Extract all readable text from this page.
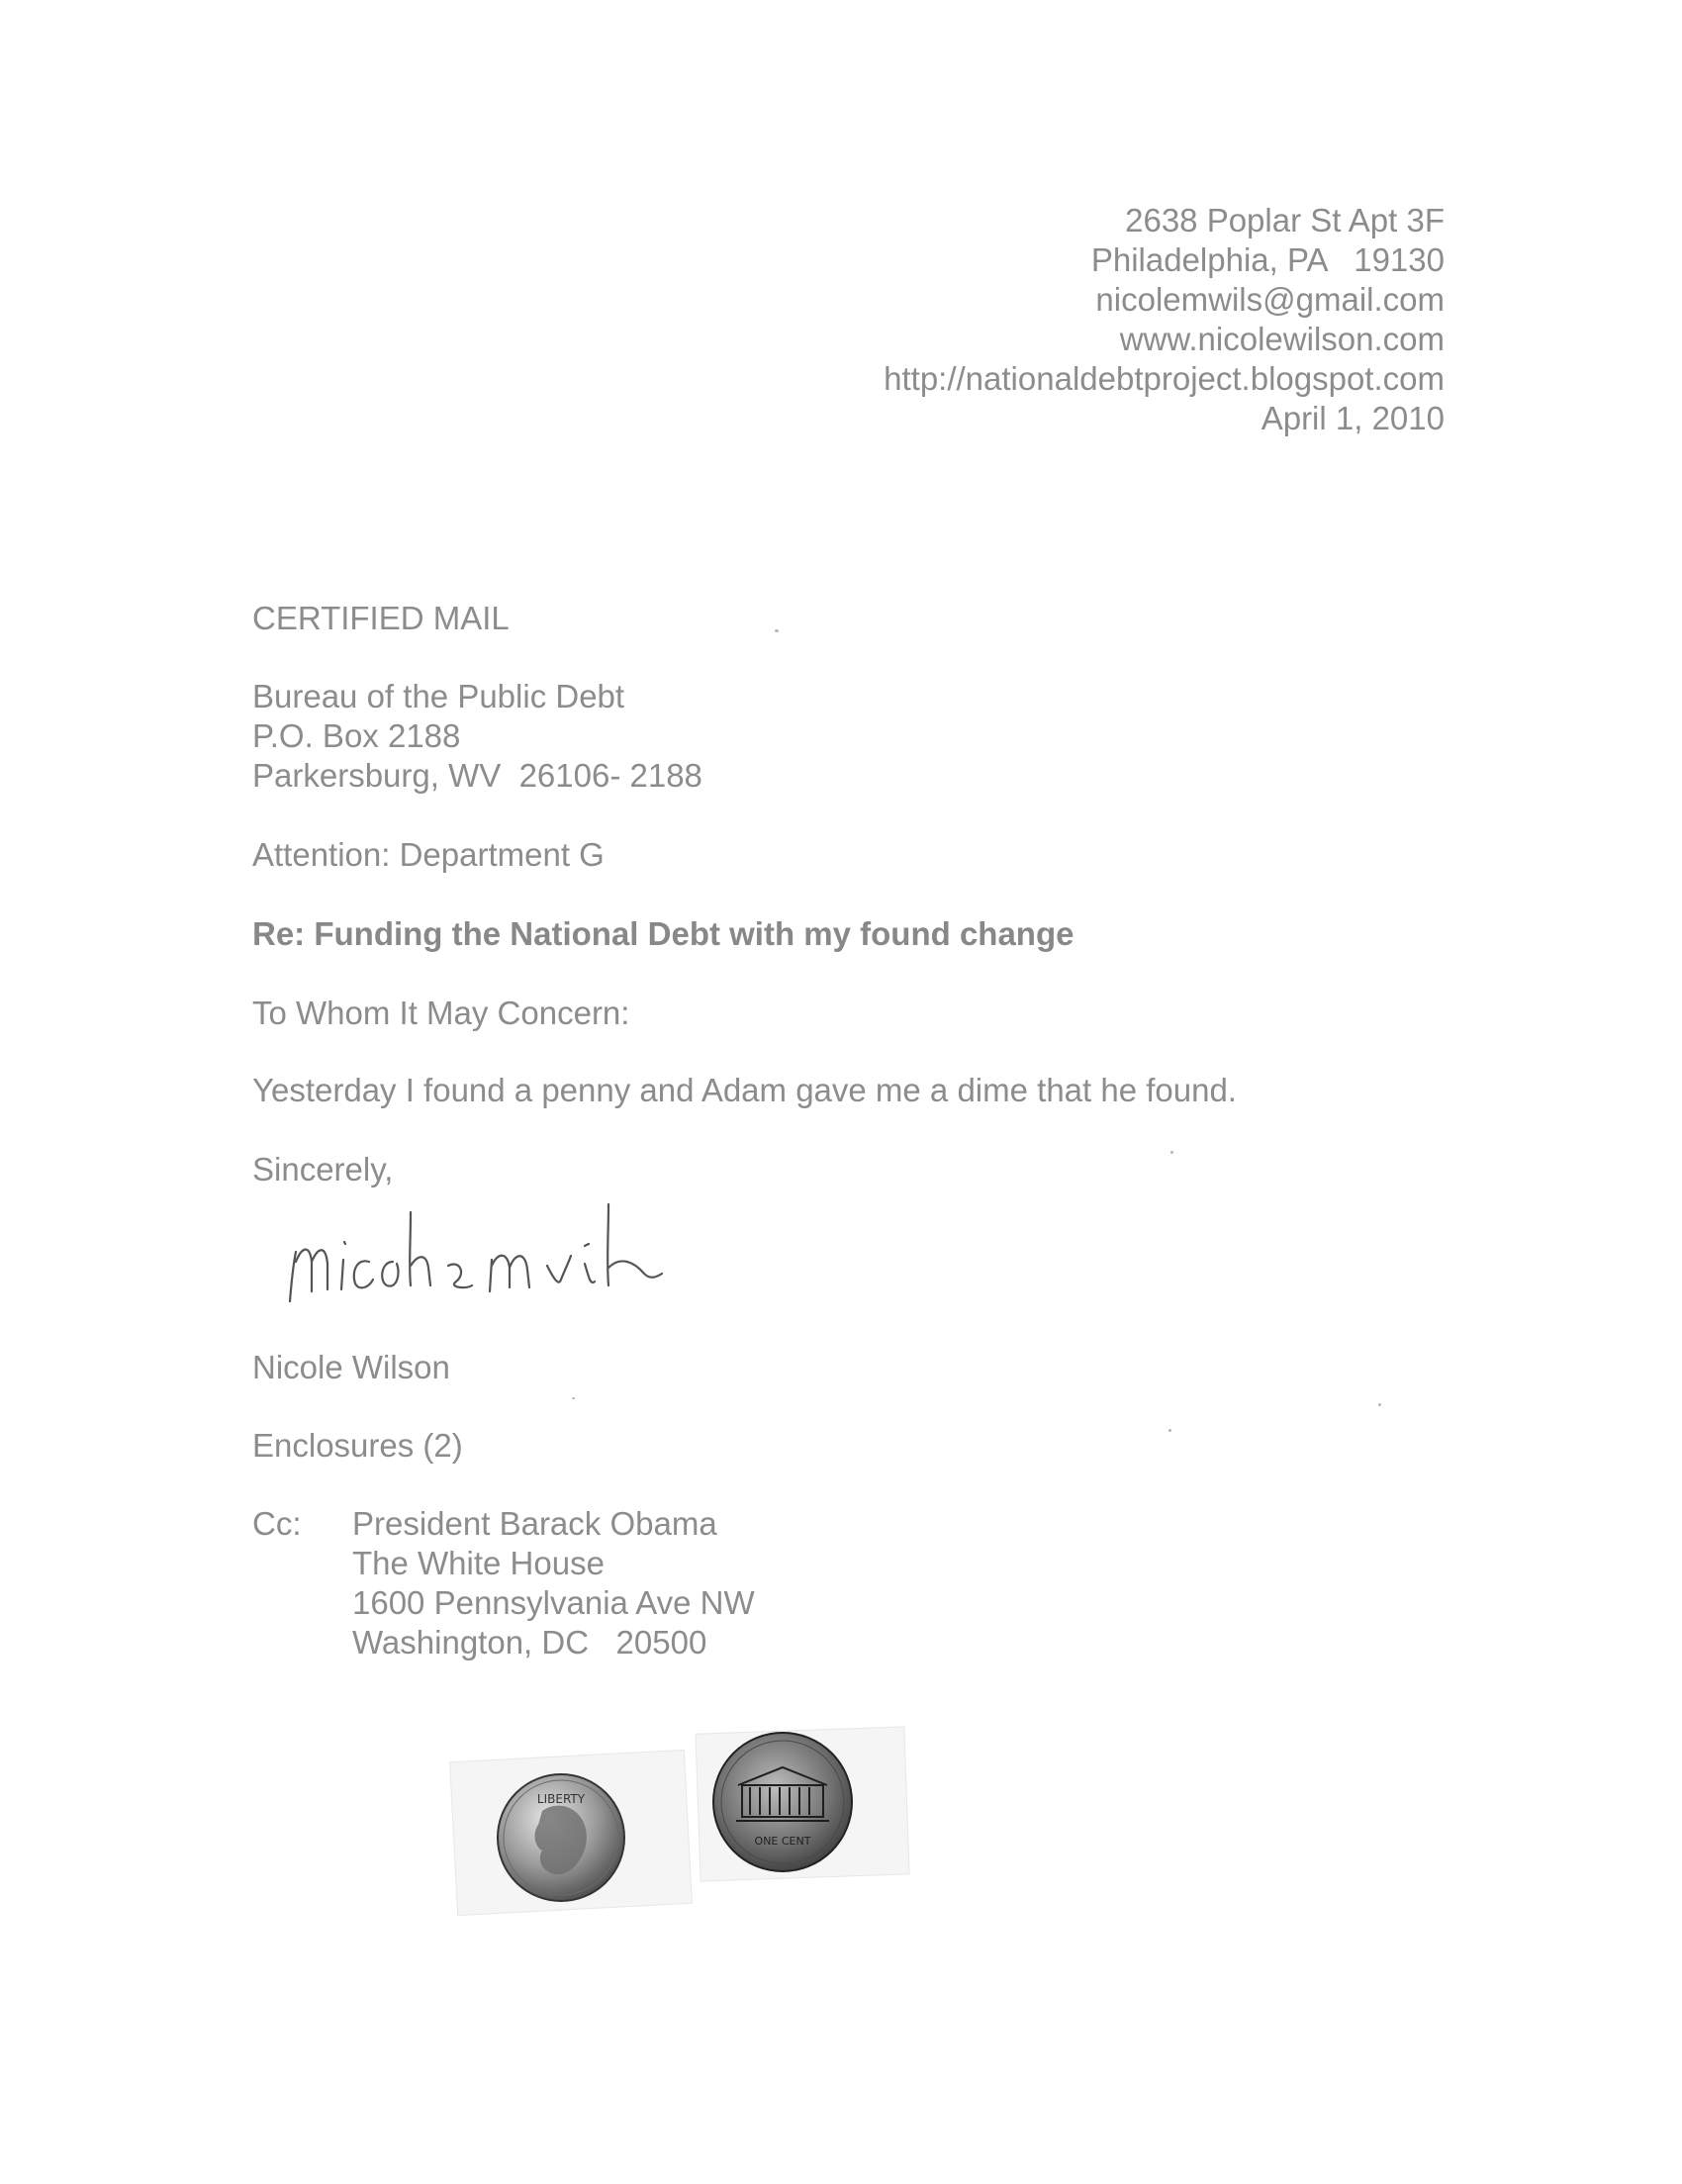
2638 Poplar St Apt 3F
Philadelphia, PA   19130
nicolemwils@gmail.com
www.nicolewilson.com
http://nationaldebtproject.blogspot.com
April 1, 2010
CERTIFIED MAIL
Bureau of the Public Debt
P.O. Box 2188
Parkersburg, WV  26106- 2188
Attention: Department G
Re: Funding the National Debt with my found change
To Whom It May Concern:
Yesterday I found a penny and Adam gave me a dime that he found.
Sincerely,
Nicole Wilson
Enclosures (2)
Cc: President Barack Obama
The White House
1600 Pennsylvania Ave NW
Washington, DC   20500
LIBERTY
ONE CENT
